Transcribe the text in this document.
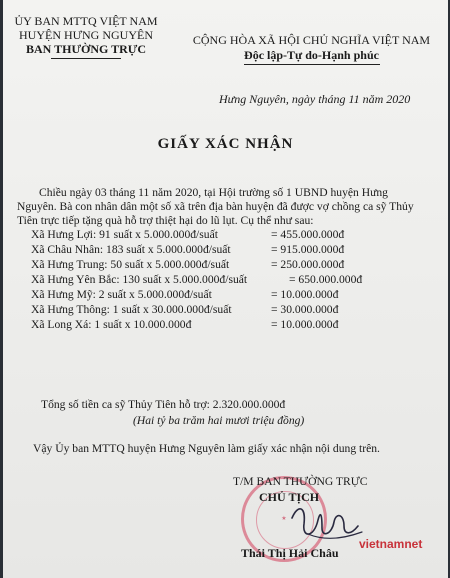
ỦY BAN MTTQ VIỆT NAM
HUYỆN HƯNG NGUYÊN
BAN THƯỜNG TRỰC
CỘNG HÒA XÃ HỘI CHỦ NGHĨA VIỆT NAM
Độc lập-Tự do-Hạnh phúc
Hưng Nguyên, ngày tháng 11 năm 2020
GIẤY XÁC NHẬN
Chiều ngày 03 tháng 11 năm 2020, tại Hội trường số 1 UBND huyện Hưng
Nguyên. Bà con nhân dân một số xã trên địa bàn huyện đã được vợ chồng ca sỹ Thủy
Tiên trực tiếp tặng quà hỗ trợ thiệt hại do lũ lụt. Cụ thể như sau:
Xã Hưng Lợi: 91 suất x 5.000.000đ/suất	= 455.000.000đ
Xã Châu Nhân: 183 suất x 5.000.000đ/suất	= 915.000.000đ
Xã Hưng Trung: 50 suất x 5.000.000đ/suất	= 250.000.000đ
Xã Hưng Yên Bắc: 130 suất x 5.000.000đ/suất	= 650.000.000đ
Xã Hưng Mỹ: 2 suất x 5.000.000đ/suất	= 10.000.000đ
Xã Hưng Thông: 1 suất x 30.000.000đ/suất	= 30.000.000đ
Xã Long Xá: 1 suất x 10.000.000đ	= 10.000.000đ
Tổng số tiền ca sỹ Thủy Tiên hỗ trợ: 2.320.000.000đ
(Hai tỷ ba trăm hai mươi triệu đồng)
Vậy Ủy ban MTTQ huyện Hưng Nguyên làm giấy xác nhận nội dung trên.
★
T/M BAN THƯỜNG TRỰC
CHỦ TỊCH
Thái Thị Hải Châu
vietnamnet
